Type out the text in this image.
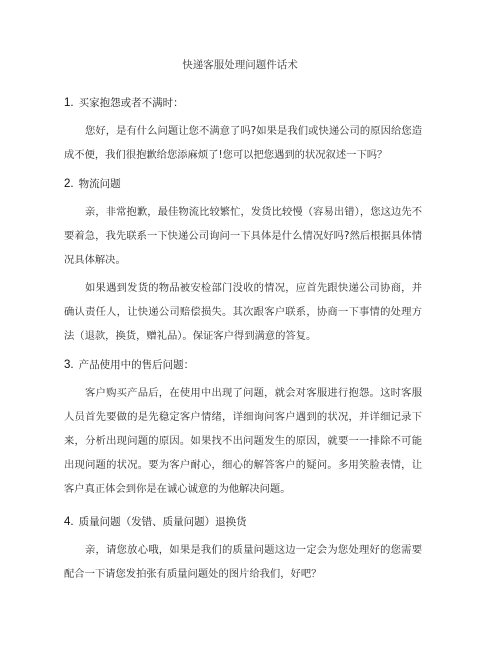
快递客服处理问题件话术
1. 买家抱怨或者不满时：

您好，是有什么问题让您不满意了吗?如果是我们或快递公司的原因给您造成不便，我们很抱歉给您添麻烦了!您可以把您遇到的状况叙述一下吗？

2. 物流问题

亲，非常抱歉，最佳物流比较繁忙，发货比较慢（容易出错），您这边先不要着急，我先联系一下快递公司询问一下具体是什么情况好吗?然后根据具体情况具体解决。

如果遇到发货的物品被安检部门没收的情况，应首先跟快递公司协商，并确认责任人，让快递公司赔偿损失。其次跟客户联系，协商一下事情的处理方法（退款，换货，赠礼品）。保证客户得到满意的答复。

3. 产品使用中的售后问题：

客户购买产品后，在使用中出现了问题，就会对客服进行抱怨。这时客服人员首先要做的是先稳定客户情绪，详细询问客户遇到的状况，并详细记录下来，分析出现问题的原因。如果找不出问题发生的原因，就要一一排除不可能出现问题的状况。要为客户耐心，细心的解答客户的疑问。多用笑脸表情，让客户真正体会到你是在诚心诚意的为他解决问题。

4. 质量问题（发错、质量问题）退换货

亲，请您放心哦，如果是我们的质量问题这边一定会为您处理好的您需要配合一下请您发拍张有质量问题处的图片给我们，好吧？
